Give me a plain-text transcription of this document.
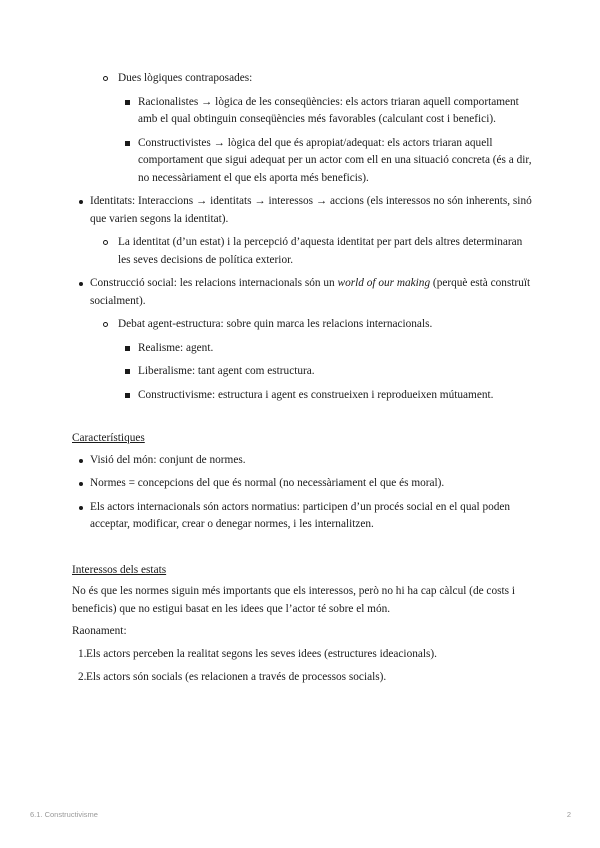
Dues lògiques contraposades:
Racionalistes → lògica de les conseqüències: els actors triaran aquell comportament amb el qual obtinguin conseqüències més favorables (calculant cost i benefici).
Constructivistes → lògica del que és apropiat/adequat: els actors triaran aquell comportament que sigui adequat per un actor com ell en una situació concreta (és a dir, no necessàriament el que els aporta més beneficis).
Identitats: Interaccions → identitats → interessos → accions (els interessos no són inherents, sinó que varien segons la identitat).
La identitat (d’un estat) i la percepció d’aquesta identitat per part dels altres determinaran les seves decisions de política exterior.
Construcció social: les relacions internacionals són un world of our making (perquè està construït socialment).
Debat agent-estructura: sobre quin marca les relacions internacionals.
Realisme: agent.
Liberalisme: tant agent com estructura.
Constructivisme: estructura i agent es construeixen i reprodueixen mútuament.

Característiques

Visió del món: conjunt de normes.
Normes = concepcions del que és normal (no necessàriament el que és moral).
Els actors internacionals són actors normatius: participen d’un procés social en el qual poden acceptar, modificar, crear o denegar normes, i les internalitzen.

Interessos dels estats

No és que les normes siguin més importants que els interessos, però no hi ha cap càlcul (de costs i beneficis) que no estigui basat en les idees que l’actor té sobre el món.

Raonament:

1. Els actors perceben la realitat segons les seves idees (estructures ideacionals).
2. Els actors són socials (es relacionen a través de processos socials).
6.1. Constructivisme	2
